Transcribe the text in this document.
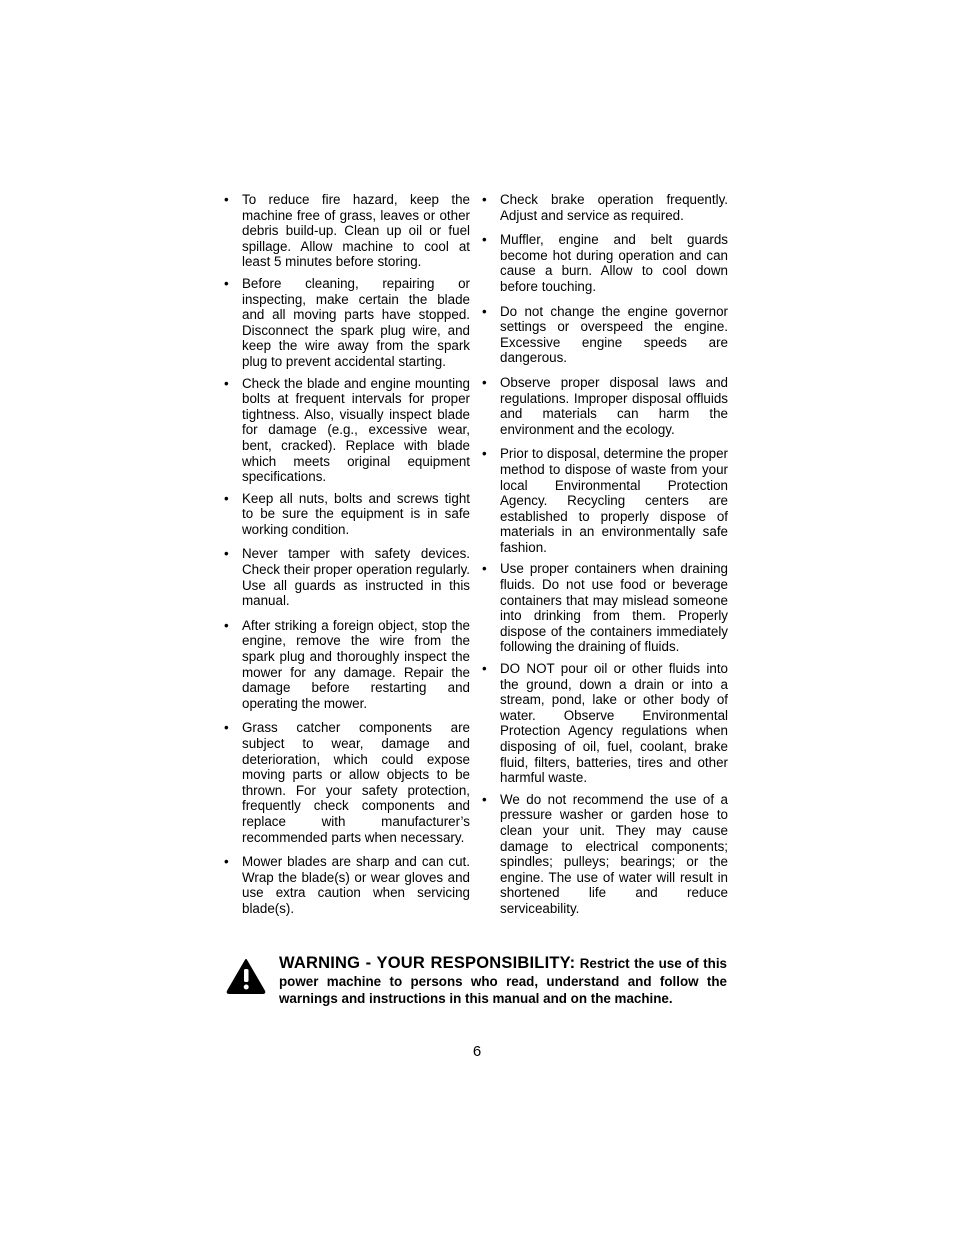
• To reduce fire hazard, keep the machine free of grass, leaves or other debris build-up. Clean up oil or fuel spillage. Allow machine to cool at least 5 minutes before storing.
• Before cleaning, repairing or inspecting, make certain the blade and all moving parts have stopped. Disconnect the spark plug wire, and keep the wire away from the spark plug to prevent accidental starting.
• Check the blade and engine mounting bolts at frequent intervals for proper tightness. Also, visually inspect blade for damage (e.g., excessive wear, bent, cracked). Replace with blade which meets original equipment specifications.
• Keep all nuts, bolts and screws tight to be sure the equipment is in safe working condition.
• Never tamper with safety devices. Check their proper operation regularly. Use all guards as instructed in this manual.
• After striking a foreign object, stop the engine, remove the wire from the spark plug and thoroughly inspect the mower for any damage. Repair the damage before restarting and operating the mower.
• Grass catcher components are subject to wear, damage and deterioration, which could expose moving parts or allow objects to be thrown. For your safety protection, frequently check components and replace with manufacturer’s recommended parts when necessary.
• Mower blades are sharp and can cut. Wrap the blade(s) or wear gloves and use extra caution when servicing blade(s).
• Check brake operation frequently. Adjust and service as required.
• Muffler, engine and belt guards become hot during operation and can cause a burn. Allow to cool down before touching.
• Do not change the engine governor settings or overspeed the engine. Excessive engine speeds are dangerous.
• Observe proper disposal laws and regulations. Improper disposal offluids and materials can harm the environment and the ecology.
• Prior to disposal, determine the proper method to dispose of waste from your local Environmental Protection Agency. Recycling centers are established to properly dispose of materials in an environmentally safe fashion.
• Use proper containers when draining fluids. Do not use food or beverage containers that may mislead someone into drinking from them. Properly dispose of the containers immediately following the draining of fluids.
• DO NOT pour oil or other fluids into the ground, down a drain or into a stream, pond, lake or other body of water. Observe Environmental Protection Agency regulations when disposing of oil, fuel, coolant, brake fluid, filters, batteries, tires and other harmful waste.
• We do not recommend the use of a pressure washer or garden hose to clean your unit. They may cause damage to electrical components; spindles; pulleys; bearings; or the engine. The use of water will result in shortened life and reduce serviceability.
WARNING - YOUR RESPONSIBILITY: Restrict the use of this power machine to persons who read, understand and follow the warnings and instructions in this manual and on the machine.
6
